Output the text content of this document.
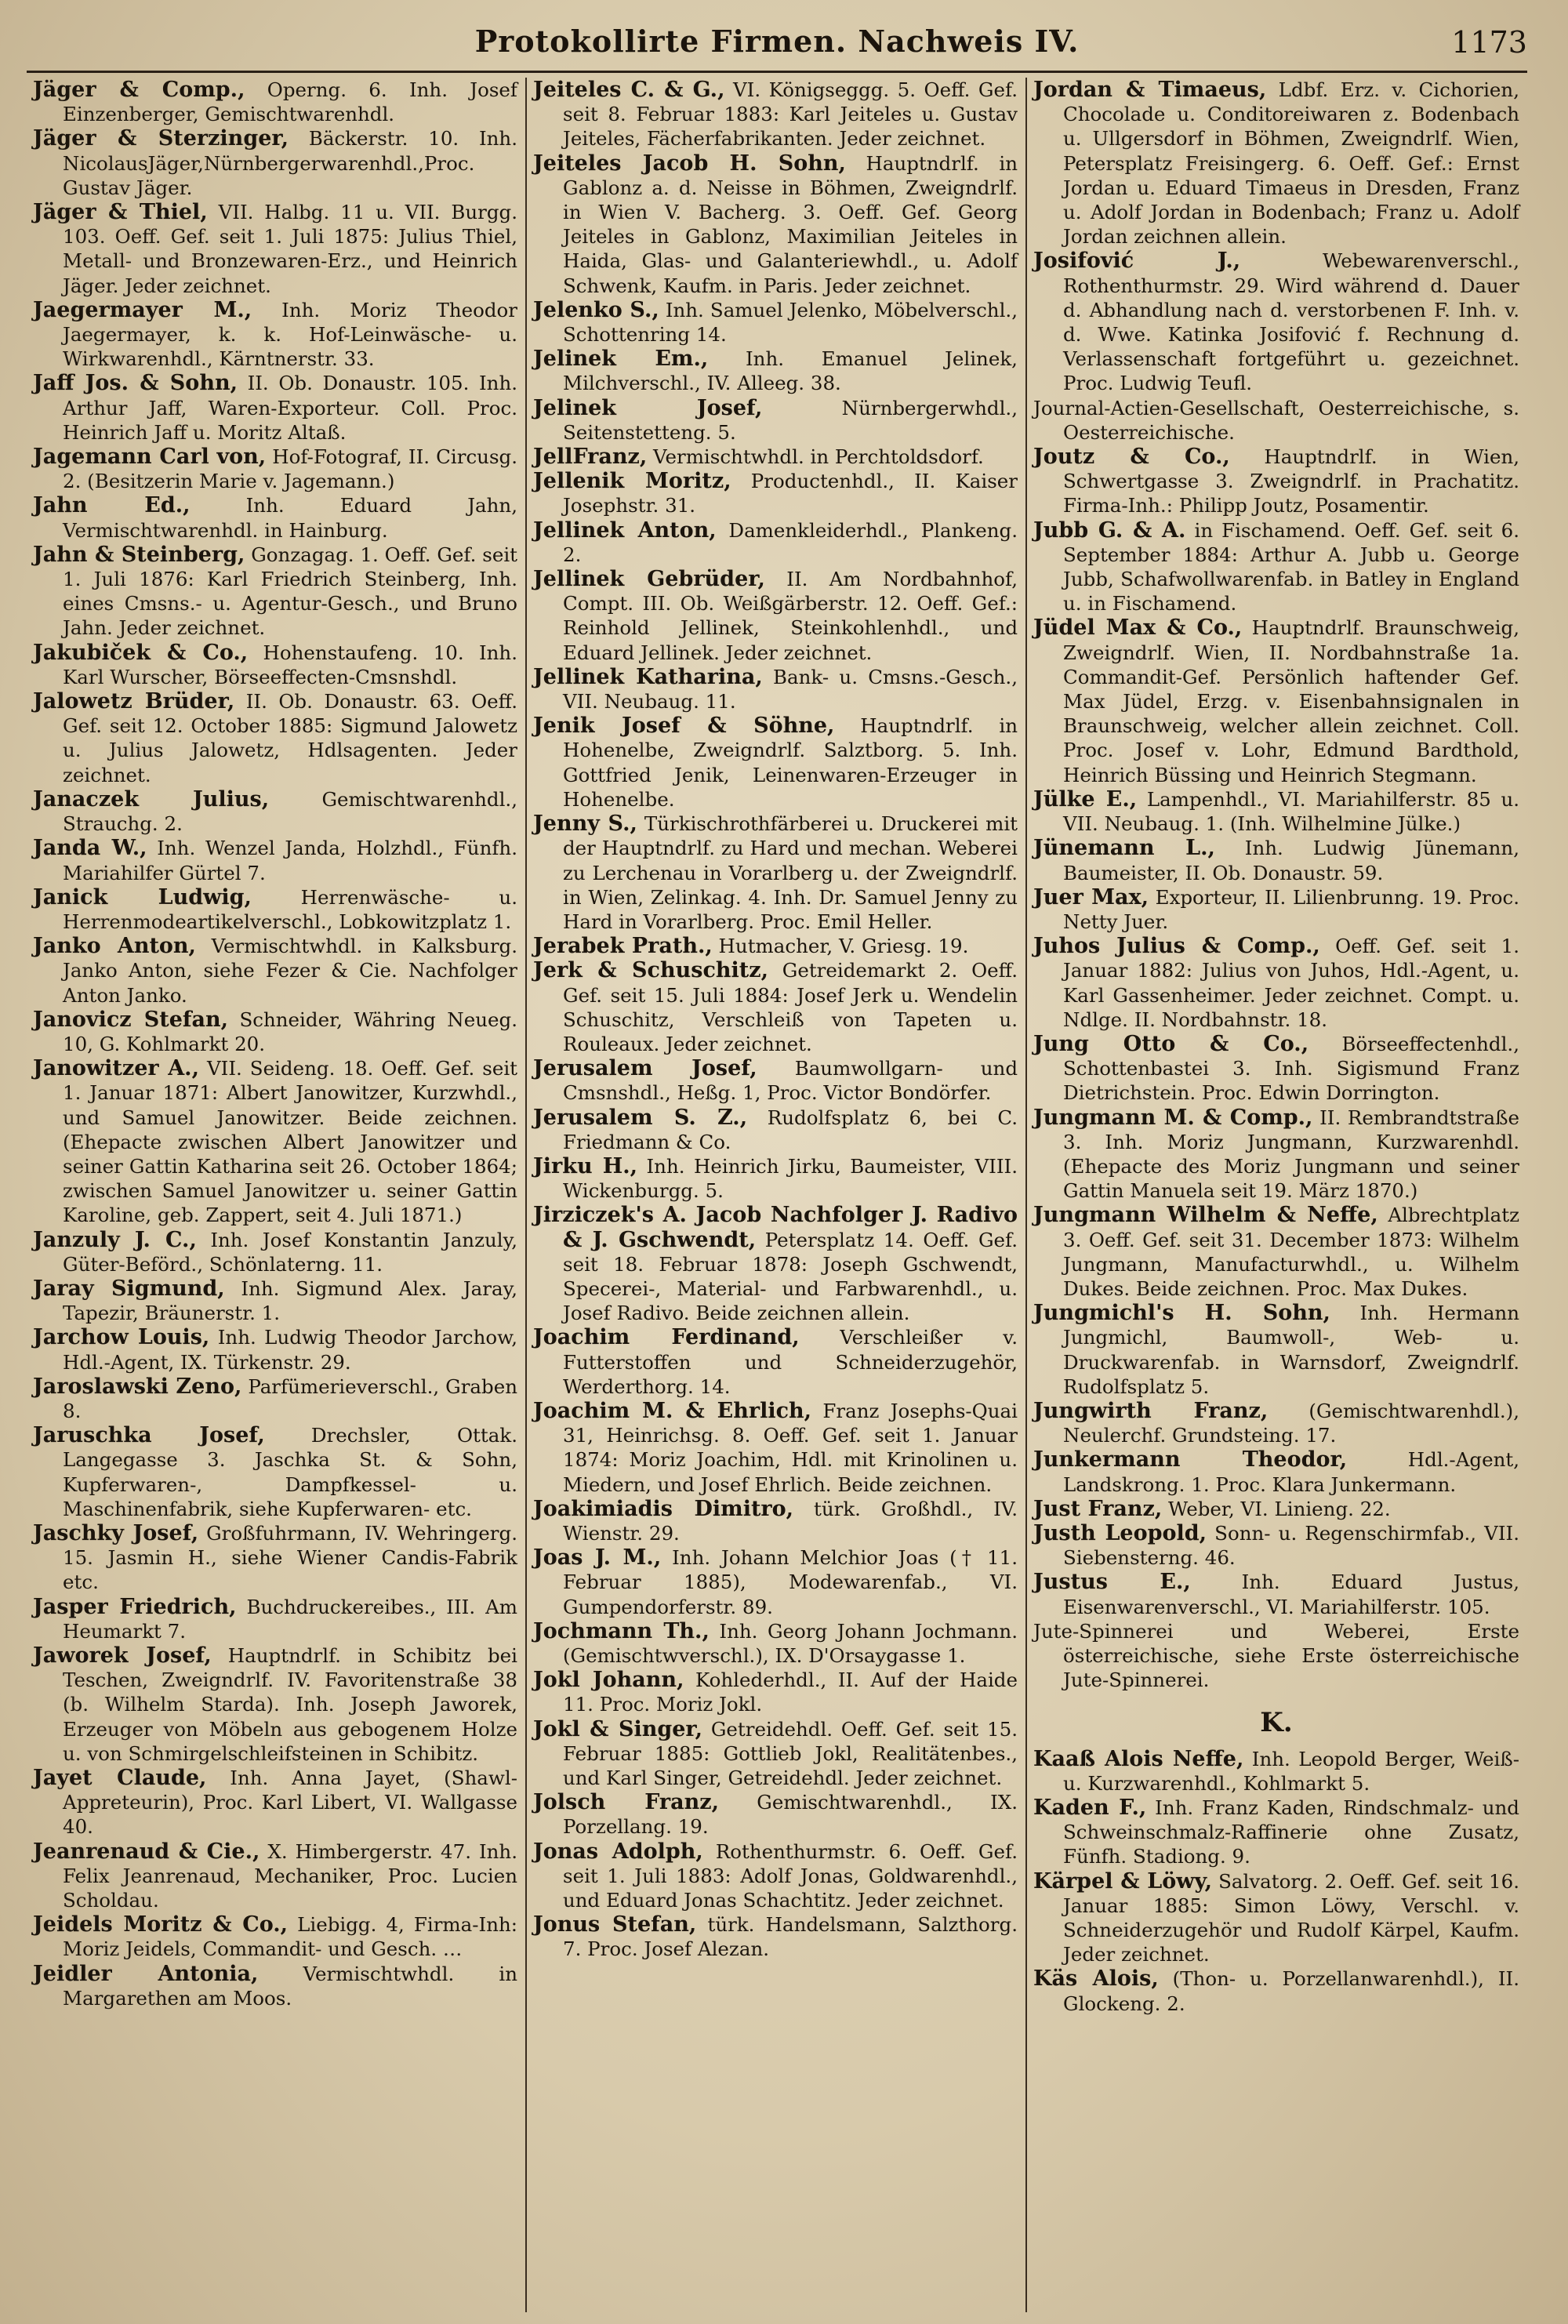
Protokollirte Firmen. Nachweis IV.	1173

Jäger & Comp., Operng. 6. Inh. Josef Einzenberger, Gemischtwarenhdl.

Jäger & Sterzinger, Bäckerstr. 10. Inh. NicolausJäger,Nürnbergerwarenhdl.,Proc. Gustav Jäger.

Jäger & Thiel, VII. Halbg. 11 u. VII. Burgg. 103. Oeff. Gef. seit 1. Juli 1875: Julius Thiel, Metall- und Bronzewaren-Erz., und Heinrich Jäger. Jeder zeichnet.

Jaegermayer M., Inh. Moriz Theodor Jaegermayer, k. k. Hof-Leinwäsche- u. Wirkwarenhdl., Kärntnerstr. 33.

Jaff Jos. & Sohn, II. Ob. Donaustr. 105. Inh. Arthur Jaff, Waren-Exporteur. Coll. Proc. Heinrich Jaff u. Moritz Altaß.

Jagemann Carl von, Hof-Fotograf, II. Circusg. 2. (Besitzerin Marie v. Jagemann.)

Jahn Ed., Inh. Eduard Jahn, Vermischtwarenhdl. in Hainburg.

Jahn & Steinberg, Gonzagag. 1. Oeff. Gef. seit 1. Juli 1876: Karl Friedrich Steinberg, Inh. eines Cmsns.- u. Agentur-Gesch., und Bruno Jahn. Jeder zeichnet.

Jakubiček & Co., Hohenstaufeng. 10. Inh. Karl Wurscher, Börseeffecten-Cmsnshdl.

Jalowetz Brüder, II. Ob. Donaustr. 63. Oeff. Gef. seit 12. October 1885: Sigmund Jalowetz u. Julius Jalowetz, Hdlsagenten. Jeder zeichnet.

Janaczek Julius, Gemischtwarenhdl., Strauchg. 2.

Janda W., Inh. Wenzel Janda, Holzhdl., Fünfh. Mariahilfer Gürtel 7.

Janick Ludwig, Herrenwäsche- u. Herrenmodeartikelverschl., Lobkowitzplatz 1.

Janko Anton, Vermischtwhdl. in Kalksburg. Janko Anton, siehe Fezer & Cie. Nachfolger Anton Janko.

Janovicz Stefan, Schneider, Währing Neueg. 10, G. Kohlmarkt 20.

Janowitzer A., VII. Seideng. 18. Oeff. Gef. seit 1. Januar 1871: Albert Janowitzer, Kurzwhdl., und Samuel Janowitzer. Beide zeichnen. (Ehepacte zwischen Albert Janowitzer und seiner Gattin Katharina seit 26. October 1864; zwischen Samuel Janowitzer u. seiner Gattin Karoline, geb. Zappert, seit 4. Juli 1871.)

Janzuly J. C., Inh. Josef Konstantin Janzuly, Güter-Beförd., Schönlaterng. 11.

Jaray Sigmund, Inh. Sigmund Alex. Jaray, Tapezir, Bräunerstr. 1.

Jarchow Louis, Inh. Ludwig Theodor Jarchow, Hdl.-Agent, IX. Türkenstr. 29.

Jaroslawski Zeno, Parfümerieverschl., Graben 8.

Jaruschka Josef, Drechsler, Ottak. Langegasse 3. Jaschka St. & Sohn, Kupferwaren-, Dampfkessel- u. Maschinenfabrik, siehe Kupferwaren- etc.

Jaschky Josef, Großfuhrmann, IV. Wehringerg. 15. Jasmin H., siehe Wiener Candis-Fabrik etc.

Jasper Friedrich, Buchdruckereibes., III. Am Heumarkt 7.

Jaworek Josef, Hauptndrlf. in Schibitz bei Teschen, Zweigndrlf. IV. Favoritenstraße 38 (b. Wilhelm Starda). Inh. Joseph Jaworek, Erzeuger von Möbeln aus gebogenem Holze u. von Schmirgelschleifsteinen in Schibitz.

Jayet Claude, Inh. Anna Jayet, (Shawl-Appreteurin), Proc. Karl Libert, VI. Wallgasse 40.

Jeanrenaud & Cie., X. Himbergerstr. 47. Inh. Felix Jeanrenaud, Mechaniker, Proc. Lucien Scholdau.

Jeidels Moritz & Co., Liebigg. 4, Firma-Inh: Moriz Jeidels, Commandit- und Gesch. …

Jeidler Antonia, Vermischtwhdl. in Margarethen am Moos.

Jeiteles C. & G., VI. Königseggg. 5. Oeff. Gef. seit 8. Februar 1883: Karl Jeiteles u. Gustav Jeiteles, Fächerfabrikanten. Jeder zeichnet.

Jeiteles Jacob H. Sohn, Hauptndrlf. in Gablonz a. d. Neisse in Böhmen, Zweigndrlf. in Wien V. Bacherg. 3. Oeff. Gef. Georg Jeiteles in Gablonz, Maximilian Jeiteles in Haida, Glas- und Galanteriewhdl., u. Adolf Schwenk, Kaufm. in Paris. Jeder zeichnet.

Jelenko S., Inh. Samuel Jelenko, Möbelverschl., Schottenring 14.

Jelinek Em., Inh. Emanuel Jelinek, Milchverschl., IV. Alleeg. 38.

Jelinek Josef, Nürnbergerwhdl., Seitenstetteng. 5.

JellFranz, Vermischtwhdl. in Perchtoldsdorf.

Jellenik Moritz, Productenhdl., II. Kaiser Josephstr. 31.

Jellinek Anton, Damenkleiderhdl., Plankeng. 2.

Jellinek Gebrüder, II. Am Nordbahnhof, Compt. III. Ob. Weißgärberstr. 12. Oeff. Gef.: Reinhold Jellinek, Steinkohlenhdl., und Eduard Jellinek. Jeder zeichnet.

Jellinek Katharina, Bank- u. Cmsns.-Gesch., VII. Neubaug. 11.

Jenik Josef & Söhne, Hauptndrlf. in Hohenelbe, Zweigndrlf. Salztborg. 5. Inh. Gottfried Jenik, Leinenwaren-Erzeuger in Hohenelbe.

Jenny S., Türkischrothfärberei u. Druckerei mit der Hauptndrlf. zu Hard und mechan. Weberei zu Lerchenau in Vorarlberg u. der Zweigndrlf. in Wien, Zelinkag. 4. Inh. Dr. Samuel Jenny zu Hard in Vorarlberg. Proc. Emil Heller.

Jerabek Prath., Hutmacher, V. Griesg. 19.

Jerk & Schuschitz, Getreidemarkt 2. Oeff. Gef. seit 15. Juli 1884: Josef Jerk u. Wendelin Schuschitz, Verschleiß von Tapeten u. Rouleaux. Jeder zeichnet.

Jerusalem Josef, Baumwollgarn- und Cmsnshdl., Heßg. 1, Proc. Victor Bondörfer.

Jerusalem S. Z., Rudolfsplatz 6, bei C. Friedmann & Co.

Jirku H., Inh. Heinrich Jirku, Baumeister, VIII. Wickenburgg. 5.

Jirziczek's A. Jacob Nachfolger J. Radivo & J. Gschwendt, Petersplatz 14. Oeff. Gef. seit 18. Februar 1878: Joseph Gschwendt, Specerei-, Material- und Farbwarenhdl., u. Josef Radivo. Beide zeichnen allein.

Joachim Ferdinand, Verschleißer v. Futterstoffen und Schneiderzugehör, Werderthorg. 14.

Joachim M. & Ehrlich, Franz Josephs-Quai 31, Heinrichsg. 8. Oeff. Gef. seit 1. Januar 1874: Moriz Joachim, Hdl. mit Krinolinen u. Miedern, und Josef Ehrlich. Beide zeichnen.

Joakimiadis Dimitro, türk. Großhdl., IV. Wienstr. 29.

Joas J. M., Inh. Johann Melchior Joas († 11. Februar 1885), Modewarenfab., VI. Gumpendorferstr. 89.

Jochmann Th., Inh. Georg Johann Jochmann. (Gemischtwverschl.), IX. D'Orsaygasse 1.

Jokl Johann, Kohlederhdl., II. Auf der Haide 11. Proc. Moriz Jokl.

Jokl & Singer, Getreidehdl. Oeff. Gef. seit 15. Februar 1885: Gottlieb Jokl, Realitätenbes., und Karl Singer, Getreidehdl. Jeder zeichnet.

Jolsch Franz, Gemischtwarenhdl., IX. Porzellang. 19.

Jonas Adolph, Rothenthurmstr. 6. Oeff. Gef. seit 1. Juli 1883: Adolf Jonas, Goldwarenhdl., und Eduard Jonas Schachtitz. Jeder zeichnet.

Jonus Stefan, türk. Handelsmann, Salzthorg. 7. Proc. Josef Alezan.

Jordan & Timaeus, Ldbf. Erz. v. Cichorien, Chocolade u. Conditoreiwaren z. Bodenbach u. Ullgersdorf in Böhmen, Zweigndrlf. Wien, Petersplatz Freisingerg. 6. Oeff. Gef.: Ernst Jordan u. Eduard Timaeus in Dresden, Franz u. Adolf Jordan in Bodenbach; Franz u. Adolf Jordan zeichnen allein.

Josifović J., Webewarenverschl., Rothenthurmstr. 29. Wird während d. Dauer d. Abhandlung nach d. verstorbenen F. Inh. v. d. Wwe. Katinka Josifović f. Rechnung d. Verlassenschaft fortgeführt u. gezeichnet. Proc. Ludwig Teufl.

Journal-Actien-Gesellschaft, Oesterreichische, s. Oesterreichische.

Joutz & Co., Hauptndrlf. in Wien, Schwertgasse 3. Zweigndrlf. in Prachatitz. Firma-Inh.: Philipp Joutz, Posamentir.

Jubb G. & A. in Fischamend. Oeff. Gef. seit 6. September 1884: Arthur A. Jubb u. George Jubb, Schafwollwarenfab. in Batley in England u. in Fischamend.

Jüdel Max & Co., Hauptndrlf. Braunschweig, Zweigndrlf. Wien, II. Nordbahnstraße 1a. Commandit-Gef. Persönlich haftender Gef. Max Jüdel, Erzg. v. Eisenbahnsignalen in Braunschweig, welcher allein zeichnet. Coll. Proc. Josef v. Lohr, Edmund Bardthold, Heinrich Büssing und Heinrich Stegmann.

Jülke E., Lampenhdl., VI. Mariahilferstr. 85 u. VII. Neubaug. 1. (Inh. Wilhelmine Jülke.)

Jünemann L., Inh. Ludwig Jünemann, Baumeister, II. Ob. Donaustr. 59.

Juer Max, Exporteur, II. Lilienbrunng. 19. Proc. Netty Juer.

Juhos Julius & Comp., Oeff. Gef. seit 1. Januar 1882: Julius von Juhos, Hdl.-Agent, u. Karl Gassenheimer. Jeder zeichnet. Compt. u. Ndlge. II. Nordbahnstr. 18.

Jung Otto & Co., Börseeffectenhdl., Schottenbastei 3. Inh. Sigismund Franz Dietrichstein. Proc. Edwin Dorrington.

Jungmann M. & Comp., II. Rembrandtstraße 3. Inh. Moriz Jungmann, Kurzwarenhdl. (Ehepacte des Moriz Jungmann und seiner Gattin Manuela seit 19. März 1870.)

Jungmann Wilhelm & Neffe, Albrechtplatz 3. Oeff. Gef. seit 31. December 1873: Wilhelm Jungmann, Manufacturwhdl., u. Wilhelm Dukes. Beide zeichnen. Proc. Max Dukes.

Jungmichl's H. Sohn, Inh. Hermann Jungmichl, Baumwoll-, Web- u. Druckwarenfab. in Warnsdorf, Zweigndrlf. Rudolfsplatz 5.

Jungwirth Franz, (Gemischtwarenhdl.), Neulerchf. Grundsteing. 17.

Junkermann Theodor, Hdl.-Agent, Landskrong. 1. Proc. Klara Junkermann.

Just Franz, Weber, VI. Linieng. 22.

Justh Leopold, Sonn- u. Regenschirmfab., VII. Siebensterng. 46.

Justus E., Inh. Eduard Justus, Eisenwarenverschl., VI. Mariahilferstr. 105.

Jute-Spinnerei und Weberei, Erste österreichische, siehe Erste österreichische Jute-Spinnerei.

K.

Kaaß Alois Neffe, Inh. Leopold Berger, Weiß- u. Kurzwarenhdl., Kohlmarkt 5.

Kaden F., Inh. Franz Kaden, Rindschmalz- und Schweinschmalz-Raffinerie ohne Zusatz, Fünfh. Stadiong. 9.

Kärpel & Löwy, Salvatorg. 2. Oeff. Gef. seit 16. Januar 1885: Simon Löwy, Verschl. v. Schneiderzugehör und Rudolf Kärpel, Kaufm. Jeder zeichnet.

Käs Alois, (Thon- u. Porzellanwarenhdl.), II. Glockeng. 2.
